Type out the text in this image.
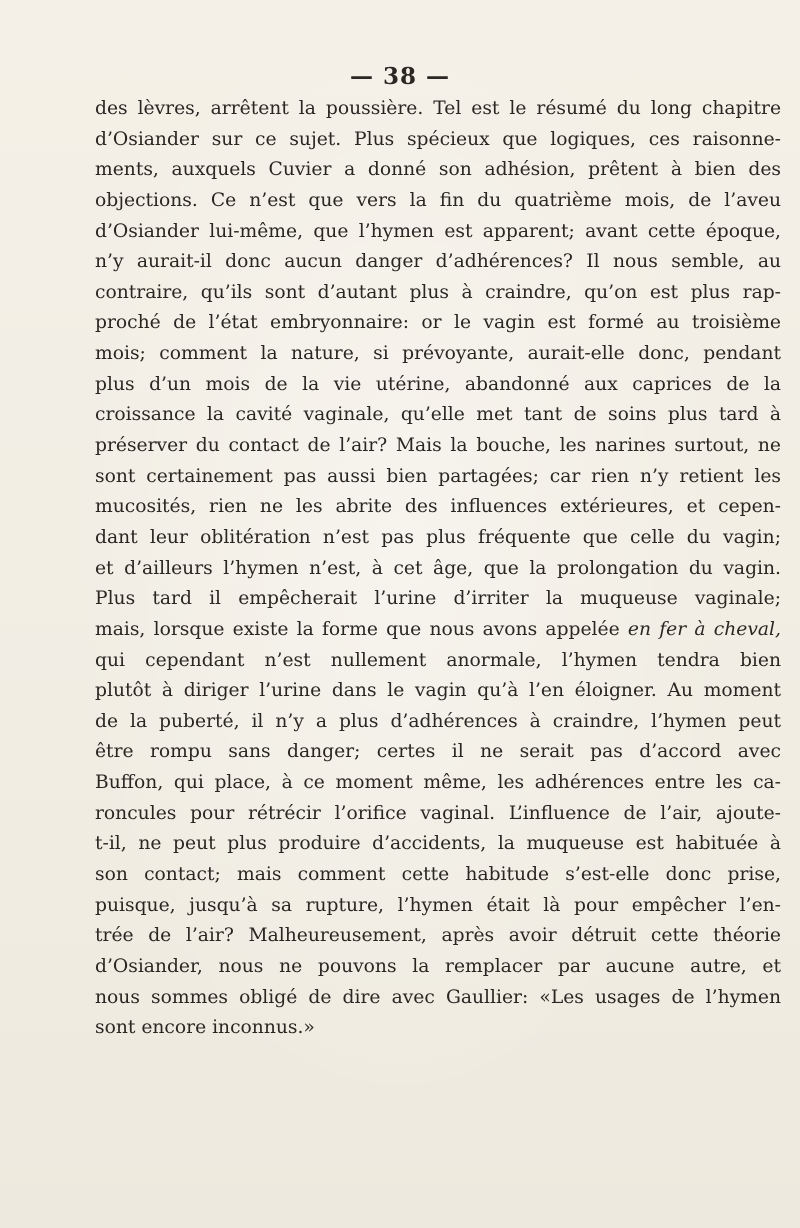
— 38 —
des lèvres, arrêtent la poussière. Tel est le résumé du long chapitre
d’Osiander sur ce sujet. Plus spécieux que logiques, ces raisonne-
ments, auxquels Cuvier a donné son adhésion, prêtent à bien des
objections. Ce n’est que vers la fin du quatrième mois, de l’aveu
d’Osiander lui-même, que l’hymen est apparent; avant cette époque,
n’y aurait-il donc aucun danger d’adhérences? Il nous semble, au
contraire, qu’ils sont d’autant plus à craindre, qu’on est plus rap-
proché de l’état embryonnaire: or le vagin est formé au troisième
mois; comment la nature, si prévoyante, aurait-elle donc, pendant
plus d’un mois de la vie utérine, abandonné aux caprices de la
croissance la cavité vaginale, qu’elle met tant de soins plus tard à
préserver du contact de l’air? Mais la bouche, les narines surtout, ne
sont certainement pas aussi bien partagées; car rien n’y retient les
mucosités, rien ne les abrite des influences extérieures, et cepen-
dant leur oblitération n’est pas plus fréquente que celle du vagin;
et d’ailleurs l’hymen n’est, à cet âge, que la prolongation du vagin.
Plus tard il empêcherait l’urine d’irriter la muqueuse vaginale;
mais, lorsque existe la forme que nous avons appelée en fer à cheval,
qui cependant n’est nullement anormale, l’hymen tendra bien
plutôt à diriger l’urine dans le vagin qu’à l’en éloigner. Au moment
de la puberté, il n’y a plus d’adhérences à craindre, l’hymen peut
être rompu sans danger; certes il ne serait pas d’accord avec
Buffon, qui place, à ce moment même, les adhérences entre les ca-
roncules pour rétrécir l’orifice vaginal. L’influence de l’air, ajoute-
t-il, ne peut plus produire d’accidents, la muqueuse est habituée à
son contact; mais comment cette habitude s’est-elle donc prise,
puisque, jusqu’à sa rupture, l’hymen était là pour empêcher l’en-
trée de l’air? Malheureusement, après avoir détruit cette théorie
d’Osiander, nous ne pouvons la remplacer par aucune autre, et
nous sommes obligé de dire avec Gaullier: «Les usages de l’hymen
sont encore inconnus.»
